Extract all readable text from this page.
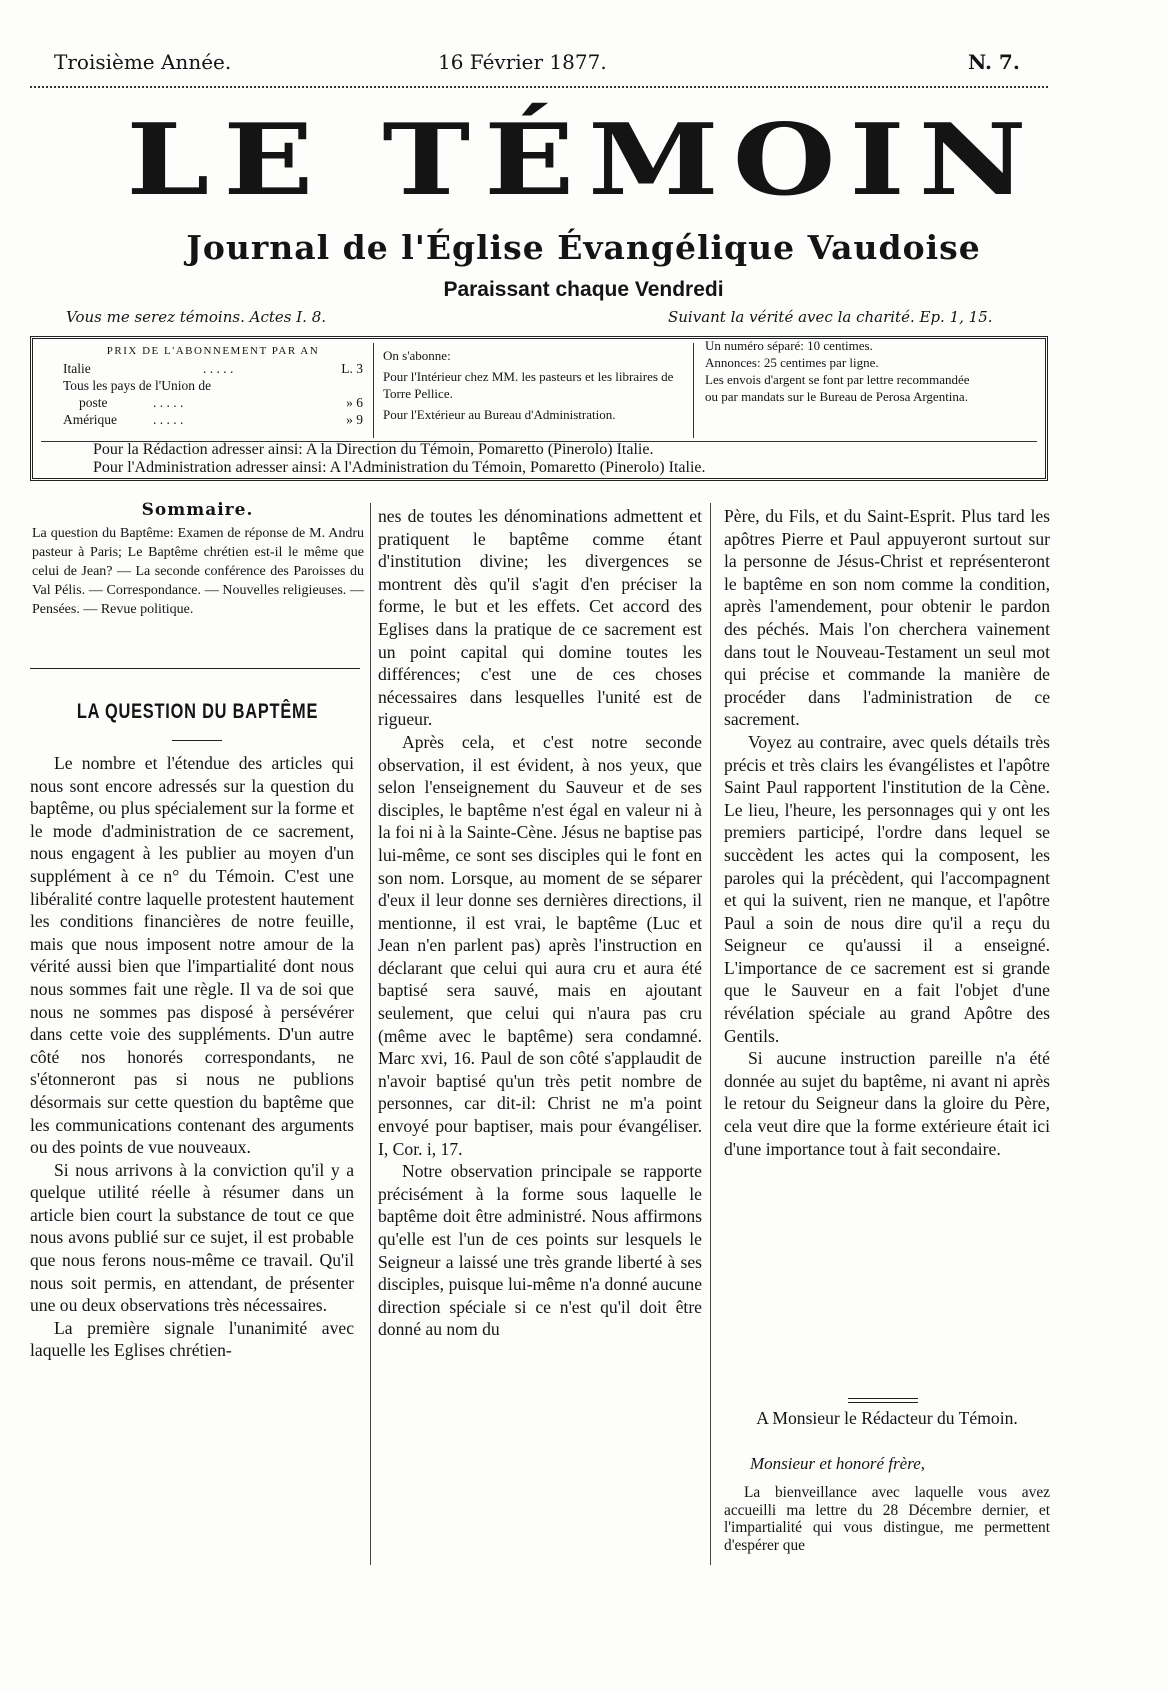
Troisième Année.	16 Février 1877.	N. 7.
LE TÉMOIN
Journal de l'Église Évangélique Vaudoise
Paraissant chaque Vendredi
Vous me serez témoins. Actes I. 8.	Suivant la vérité avec la charité. Ep. 1, 15.
PRIX DE L'ABONNEMENT PAR AN
Italie	. . . . .	L. 3
Tous les pays de l'Union de
poste	. . . . .	» 6
Amérique	. . . . .	» 9
On s'abonne:
Pour l'Intérieur chez MM. les pasteurs et les libraires de Torre Pellice.
Pour l'Extérieur au Bureau d'Administration.
Un numéro séparé: 10 centimes.
Annonces: 25 centimes par ligne.
Les envois d'argent se font par lettre recommandée ou par mandats sur le Bureau de Perosa Argentina.
Pour la Rédaction adresser ainsi: A la Direction du Témoin, Pomaretto (Pinerolo) Italie.
Pour l'Administration adresser ainsi: A l'Administration du Témoin, Pomaretto (Pinerolo) Italie.
Sommaire.
La question du Baptême: Examen de réponse de M. Andru pasteur à Paris; Le Baptême chrétien est-il le même que celui de Jean? — La seconde conférence des Paroisses du Val Pélis. — Correspondance. — Nouvelles religieuses. — Pensées. — Revue politique.
LA QUESTION DU BAPTÊME

Le nombre et l'étendue des articles qui nous sont encore adressés sur la question du baptême, ou plus spécialement sur la forme et le mode d'administration de ce sacrement, nous engagent à les publier au moyen d'un supplément à ce n° du Témoin. C'est une libéralité contre laquelle protestent hautement les conditions financières de notre feuille, mais que nous imposent notre amour de la vérité aussi bien que l'impartialité dont nous nous sommes fait une règle. Il va de soi que nous ne sommes pas disposé à persévérer dans cette voie des suppléments. D'un autre côté nos honorés correspondants, ne s'étonneront pas si nous ne publions désormais sur cette question du baptême que les communications contenant des arguments ou des points de vue nouveaux.

Si nous arrivons à la conviction qu'il y a quelque utilité réelle à résumer dans un article bien court la substance de tout ce que nous avons publié sur ce sujet, il est probable que nous ferons nous-même ce travail. Qu'il nous soit permis, en attendant, de présenter une ou deux observations très nécessaires.

La première signale l'unanimité avec laquelle les Eglises chrétien-

nes de toutes les dénominations admettent et pratiquent le baptême comme étant d'institution divine; les divergences se montrent dès qu'il s'agit d'en préciser la forme, le but et les effets. Cet accord des Eglises dans la pratique de ce sacrement est un point capital qui domine toutes les différences; c'est une de ces choses nécessaires dans lesquelles l'unité est de rigueur.

Après cela, et c'est notre seconde observation, il est évident, à nos yeux, que selon l'enseignement du Sauveur et de ses disciples, le baptême n'est égal en valeur ni à la foi ni à la Sainte-Cène. Jésus ne baptise pas lui-même, ce sont ses disciples qui le font en son nom. Lorsque, au moment de se séparer d'eux il leur donne ses dernières directions, il mentionne, il est vrai, le baptême (Luc et Jean n'en parlent pas) après l'instruction en déclarant que celui qui aura cru et aura été baptisé sera sauvé, mais en ajoutant seulement, que celui qui n'aura pas cru (même avec le baptême) sera condamné. Marc xvi, 16. Paul de son côté s'applaudit de n'avoir baptisé qu'un très petit nombre de personnes, car dit-il: Christ ne m'a point envoyé pour baptiser, mais pour évangéliser. I, Cor. i, 17.

Notre observation principale se rapporte précisément à la forme sous laquelle le baptême doit être administré. Nous affirmons qu'elle est l'un de ces points sur lesquels le Seigneur a laissé une très grande liberté à ses disciples, puisque lui-même n'a donné aucune direction spéciale si ce n'est qu'il doit être donné au nom du

Père, du Fils, et du Saint-Esprit. Plus tard les apôtres Pierre et Paul appuyeront surtout sur la personne de Jésus-Christ et représenteront le baptême en son nom comme la condition, après l'amendement, pour obtenir le pardon des péchés. Mais l'on cherchera vainement dans tout le Nouveau-Testament un seul mot qui précise et commande la manière de procéder dans l'administration de ce sacrement.

Voyez au contraire, avec quels détails très précis et très clairs les évangélistes et l'apôtre Saint Paul rapportent l'institution de la Cène. Le lieu, l'heure, les personnages qui y ont les premiers participé, l'ordre dans lequel se succèdent les actes qui la composent, les paroles qui la précèdent, qui l'accompagnent et qui la suivent, rien ne manque, et l'apôtre Paul a soin de nous dire qu'il a reçu du Seigneur ce qu'aussi il a enseigné. L'importance de ce sacrement est si grande que le Sauveur en a fait l'objet d'une révélation spéciale au grand Apôtre des Gentils.

Si aucune instruction pareille n'a été donnée au sujet du baptême, ni avant ni après le retour du Seigneur dans la gloire du Père, cela veut dire que la forme extérieure était ici d'une importance tout à fait secondaire.

A Monsieur le Rédacteur du Témoin.
Monsieur et honoré frère,
La bienveillance avec laquelle vous avez accueilli ma lettre du 28 Décembre dernier, et l'impartialité qui vous distingue, me permettent d'espérer que
